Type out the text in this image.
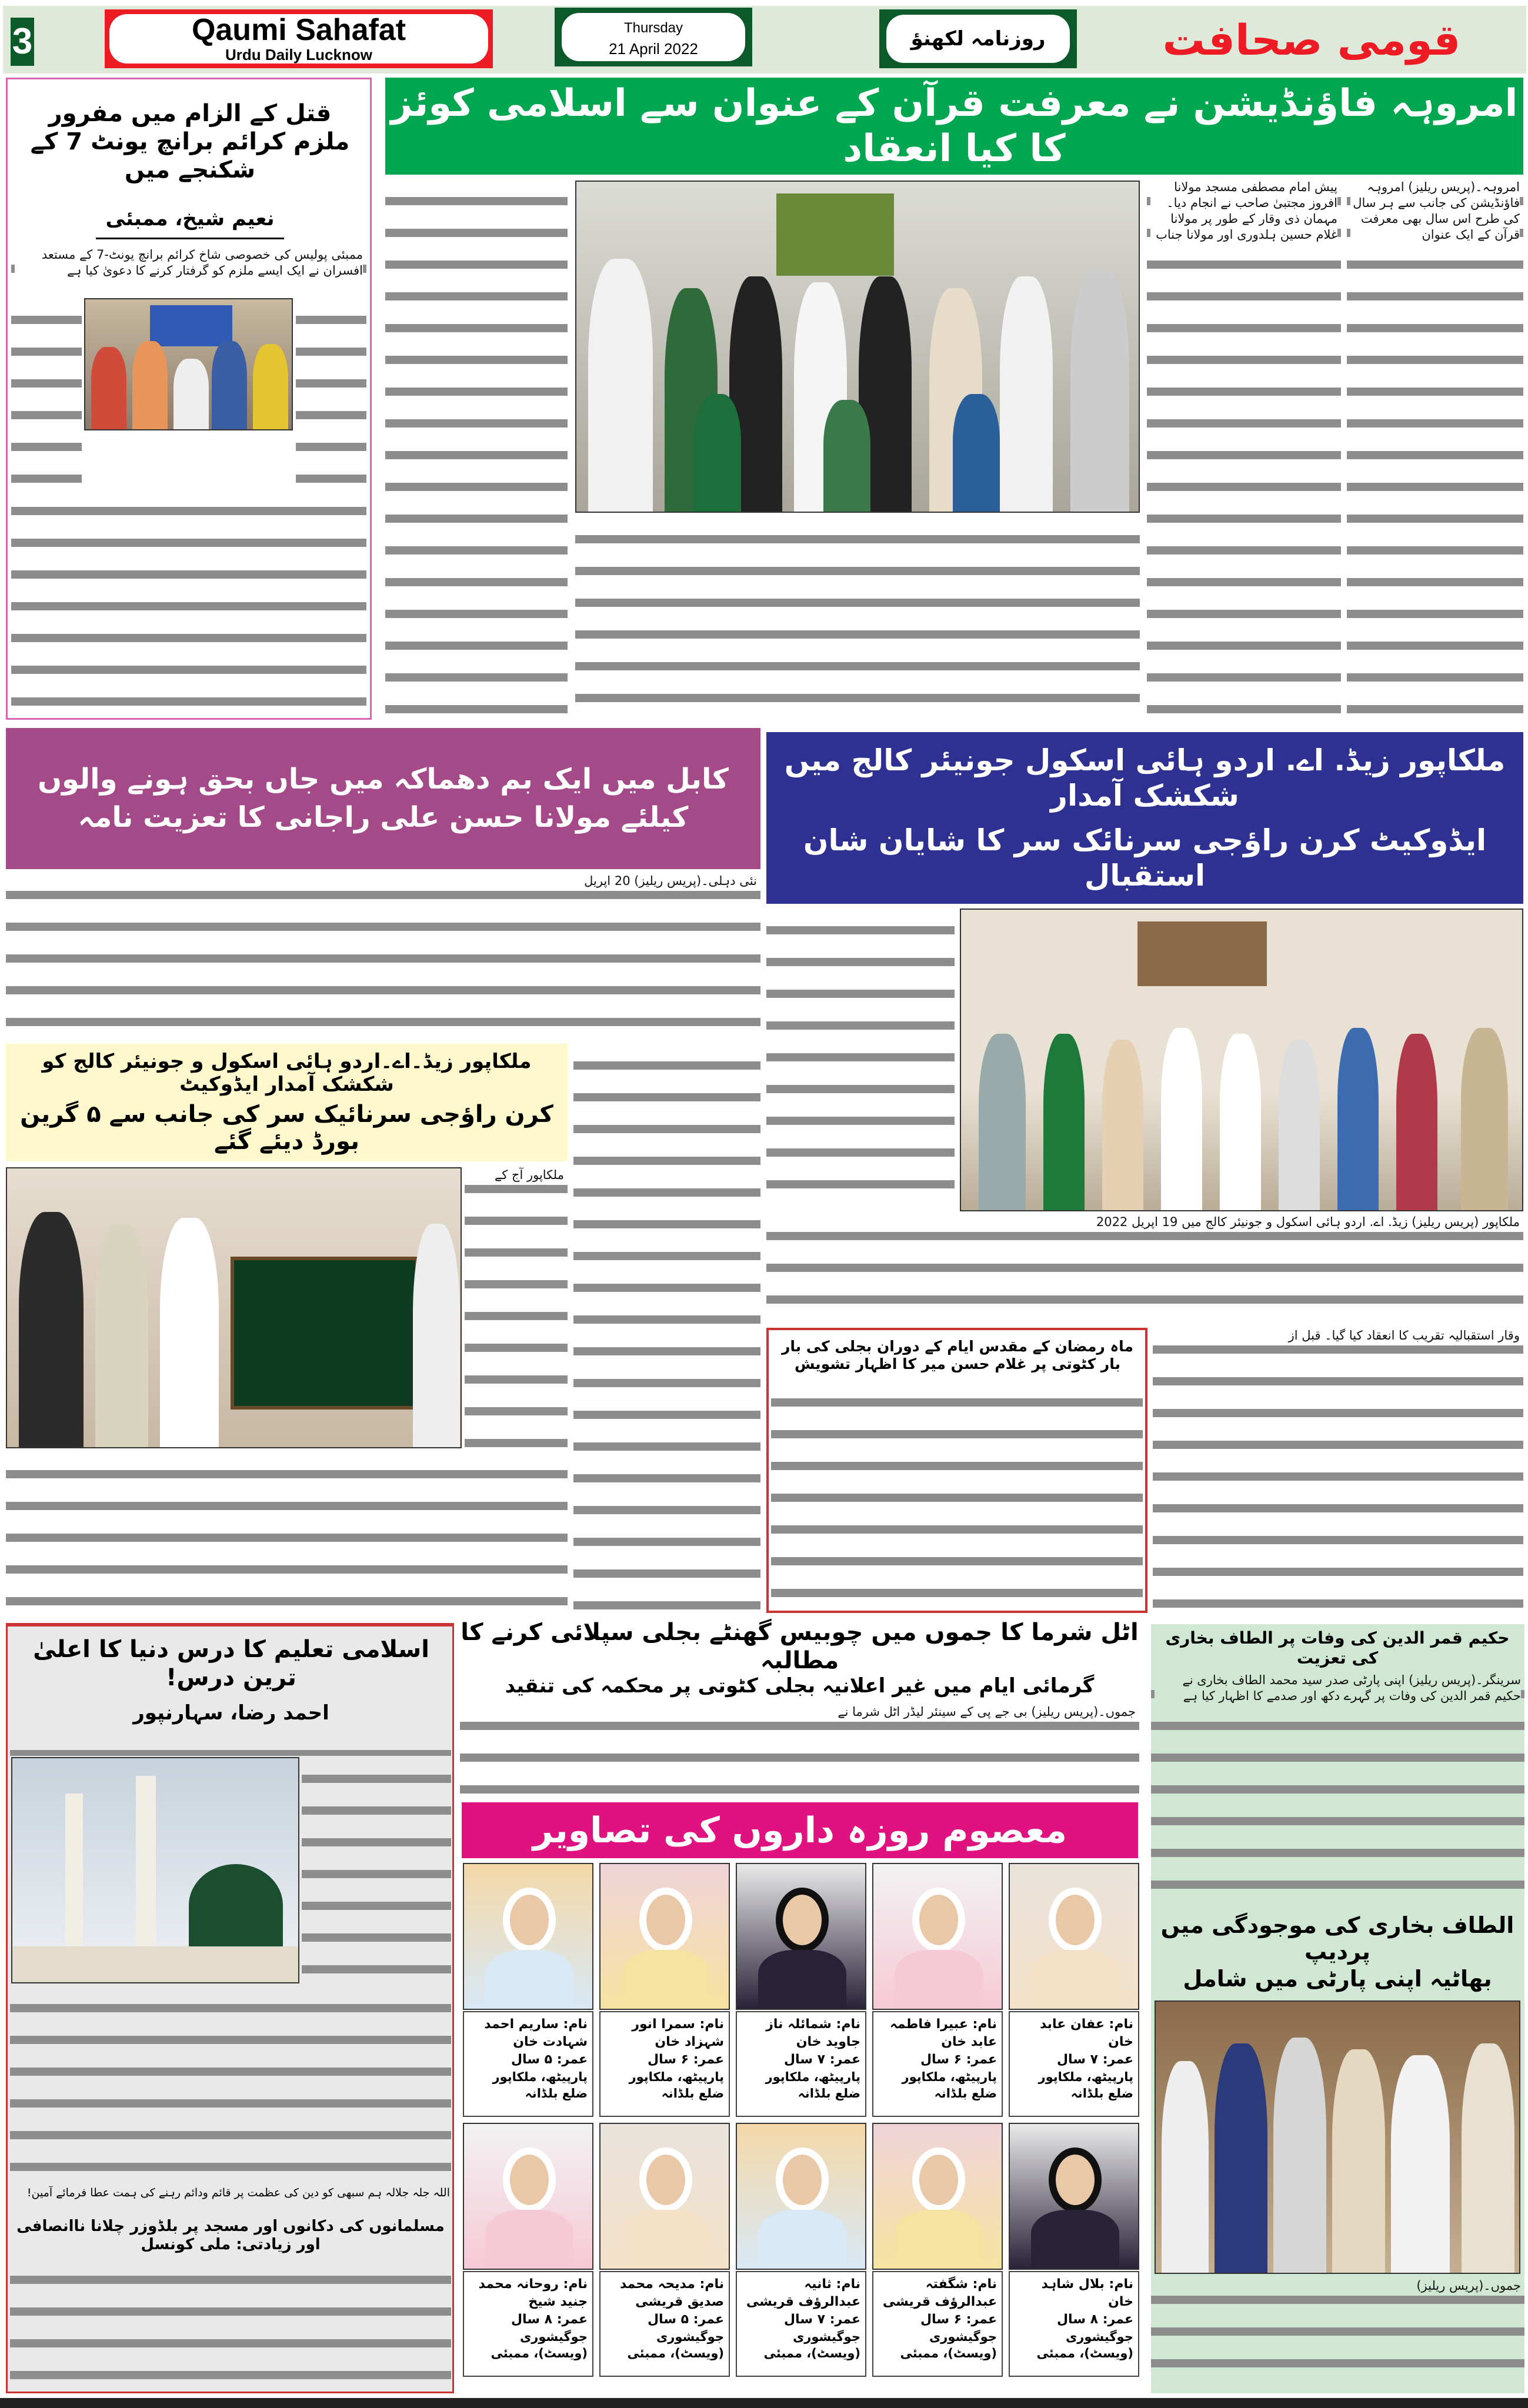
3	Qaumi Sahafat
Urdu Daily Lucknow
Thursday
21 April 2022	روزنامہ لکھنؤ	قومی صحافت
قتل کے الزام میں مفرور ملزم کرائم برانچ یونٹ 7 کے شکنجے میں
نعیم شیخ، ممبئی
ممبئی پولیس کی خصوصی شاخ کرائم برانچ یونٹ-7 کے مستعد افسران نے ایک ایسے ملزم کو گرفتار کرنے کا دعویٰ کیا ہے
امروہہ فاؤنڈیشن نے معرفت قرآن کے عنوان سے اسلامی کوئز کا کیا انعقاد
امروہہ۔(پریس ریلیز) امروہہ فاؤنڈیشن کی جانب سے ہر سال کی طرح اس سال بھی معرفت قرآن کے ایک عنوان
پیش امام مصطفی مسجد مولانا افروز مجتبیٰ صاحب نے انجام دیا۔ مہمان ذی وقار کے طور پر مولانا غلام حسین ہلدوری اور مولانا جناب
کابل میں ایک بم دھماکہ میں جاں بحق ہونے والوں
کیلئے مولانا حسن علی راجانی کا تعزیت نامہ
نئی دہلی۔(پریس ریلیز) 20 اپریل
ملکاپور زیڈ. اے. اردو ہائی اسکول جونیئر کالج میں شکشک آمدار
ایڈوکیٹ کرن راؤجی سرنائک سر کا شایان شان استقبال
ملکاپور (پریس ریلیز) زیڈ. اے. اردو ہائی اسکول و جونیئر کالج میں 19 اپریل 2022
ملکاپور زیڈ۔اے۔اردو ہائی اسکول و جونیئر کالج کو شکشک آمدار ایڈوکیٹ
کرن راؤجی سرنائیک سر کی جانب سے ۵ گرین بورڈ دیئے گئے
ملکاپور آج کے
ماہ رمضان کے مقدس ایام کے دوران بجلی کی بار بار کٹوتی پر غلام حسن میر کا اظہار تشویش
وقار استقبالیہ تقریب کا انعقاد کیا گیا۔ قبل از
اسلامی تعلیم کا درس دنیا کا اعلیٰ ترین درس!
احمد رضا، سہارنپور
اللہ جلہ جلالہ ہم سبھی کو دین کی عظمت پر قائم ودائم رہنے کی ہمت عطا فرمائے آمین!
مسلمانوں کی دکانوں اور مسجد پر بلڈوزر چلانا ناانصافی اور زیادتی: ملی کونسل
اٹل شرما کا جموں میں چوبیس گھنٹے بجلی سپلائی کرنے کا مطالبہ
گرمائی ایام میں غیر اعلانیہ بجلی کٹوتی پر محکمہ کی تنقید
جموں۔(پریس ریلیز) بی جے پی کے سینئر لیڈر اٹل شرما نے
معصوم روزہ داروں کی تصاویر
نام: عفان عابد خان
عمر: ۷ سال
پارپیٹھ، ملکاپور ضلع بلڈانہ
نام: عبیرا فاطمہ عابد خان
عمر: ۶ سال
پارپیٹھ، ملکاپور ضلع بلڈانہ
نام: شمائلہ ناز جاوید خان
عمر: ۷ سال
پارپیٹھ، ملکاپور ضلع بلڈانہ
نام: سمرا انور شہزاد خان
عمر: ۶ سال
پارپیٹھ، ملکاپور ضلع بلڈانہ
نام: ساریم احمد شہادت خان
عمر: ۵ سال
پارپیٹھ، ملکاپور ضلع بلڈانہ
نام: بلال شاہد خان
عمر: ۸ سال
جوگیشوری (ویسٹ)، ممبئی
نام: شگفتہ عبدالرؤف قریشی
عمر: ۶ سال
جوگیشوری (ویسٹ)، ممبئی
نام: ثانیہ عبدالرؤف قریشی
عمر: ۷ سال
جوگیشوری (ویسٹ)، ممبئی
نام: مدیحہ محمد صدیق قریشی
عمر: ۵ سال
جوگیشوری (ویسٹ)، ممبئی
نام: روحانہ محمد جنید شیخ
عمر: ۸ سال
جوگیشوری (ویسٹ)، ممبئی
حکیم قمر الدین کی وفات پر الطاف بخاری کی تعزیت
سرینگر۔(پریس ریلیز) اپنی پارٹی صدر سید محمد الطاف بخاری نے حکیم قمر الدین کی وفات پر گہرے دکھ اور صدمے کا اظہار کیا ہے
الطاف بخاری کی موجودگی میں پردیپ
بھاٹیہ اپنی پارٹی میں شامل
جموں۔(پریس ریلیز)
